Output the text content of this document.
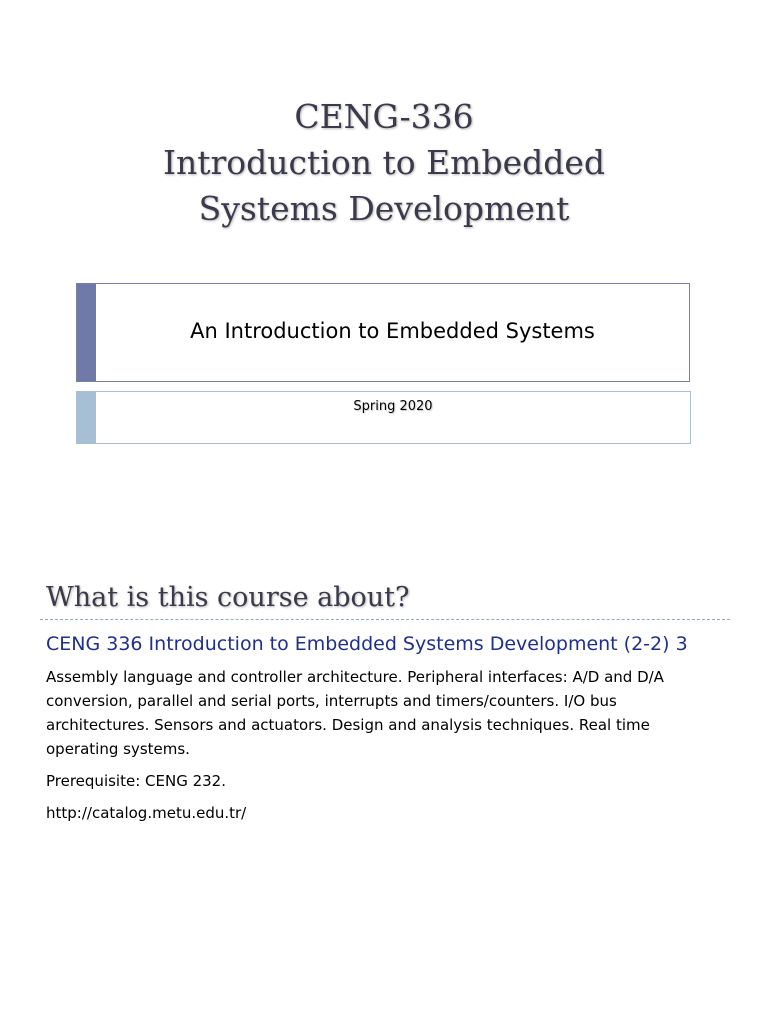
CENG-336
Introduction to Embedded
Systems Development
An Introduction to Embedded Systems
Spring 2020
What is this course about?
CENG 336 Introduction to Embedded Systems Development (2-2) 3
Assembly language and controller architecture. Peripheral interfaces: A/D and D/A
conversion, parallel and serial ports, interrupts and timers/counters. I/O bus
architectures. Sensors and actuators. Design and analysis techniques. Real time
operating systems.
Prerequisite: CENG 232.
http://catalog.metu.edu.tr/
